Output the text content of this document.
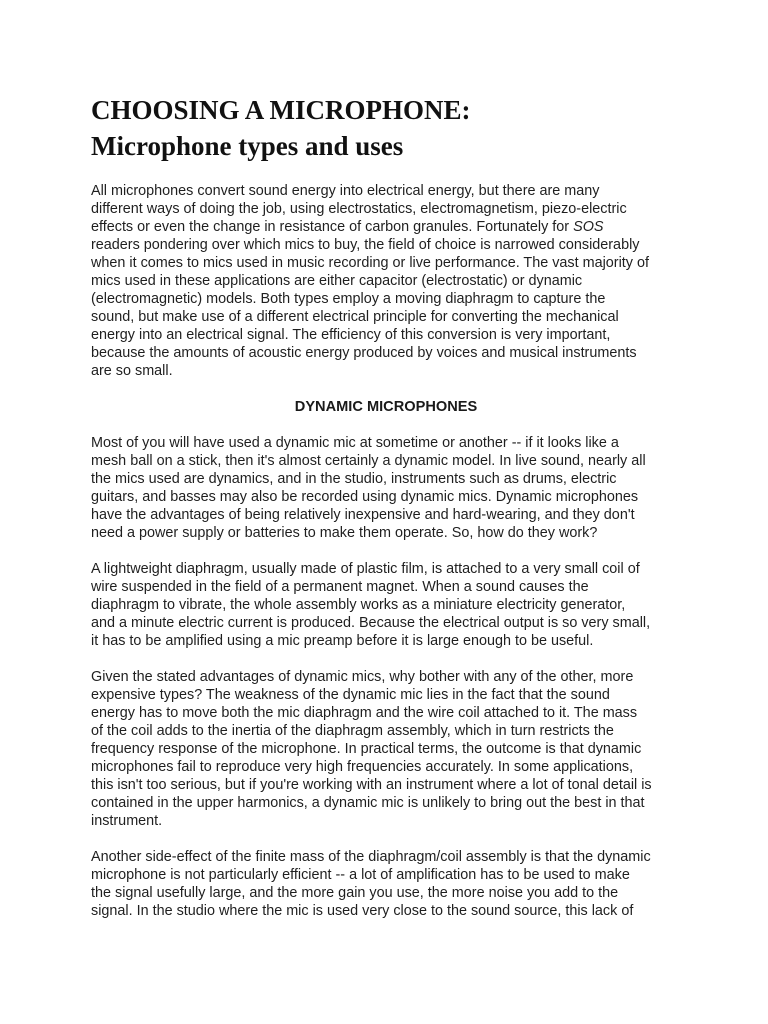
CHOOSING A MICROPHONE:
Microphone types and uses

All microphones convert sound energy into electrical energy, but there are many
different ways of doing the job, using electrostatics, electromagnetism, piezo-electric
effects or even the change in resistance of carbon granules. Fortunately for SOS
readers pondering over which mics to buy, the field of choice is narrowed considerably
when it comes to mics used in music recording or live performance. The vast majority of
mics used in these applications are either capacitor (electrostatic) or dynamic
(electromagnetic) models. Both types employ a moving diaphragm to capture the
sound, but make use of a different electrical principle for converting the mechanical
energy into an electrical signal. The efficiency of this conversion is very important,
because the amounts of acoustic energy produced by voices and musical instruments
are so small.

DYNAMIC MICROPHONES

Most of you will have used a dynamic mic at sometime or another -- if it looks like a
mesh ball on a stick, then it's almost certainly a dynamic model. In live sound, nearly all
the mics used are dynamics, and in the studio, instruments such as drums, electric
guitars, and basses may also be recorded using dynamic mics. Dynamic microphones
have the advantages of being relatively inexpensive and hard-wearing, and they don't
need a power supply or batteries to make them operate. So, how do they work?

A lightweight diaphragm, usually made of plastic film, is attached to a very small coil of
wire suspended in the field of a permanent magnet. When a sound causes the
diaphragm to vibrate, the whole assembly works as a miniature electricity generator,
and a minute electric current is produced. Because the electrical output is so very small,
it has to be amplified using a mic preamp before it is large enough to be useful.

Given the stated advantages of dynamic mics, why bother with any of the other, more
expensive types? The weakness of the dynamic mic lies in the fact that the sound
energy has to move both the mic diaphragm and the wire coil attached to it. The mass
of the coil adds to the inertia of the diaphragm assembly, which in turn restricts the
frequency response of the microphone. In practical terms, the outcome is that dynamic
microphones fail to reproduce very high frequencies accurately. In some applications,
this isn't too serious, but if you're working with an instrument where a lot of tonal detail is
contained in the upper harmonics, a dynamic mic is unlikely to bring out the best in that
instrument.

Another side-effect of the finite mass of the diaphragm/coil assembly is that the dynamic
microphone is not particularly efficient -- a lot of amplification has to be used to make
the signal usefully large, and the more gain you use, the more noise you add to the
signal. In the studio where the mic is used very close to the sound source, this lack of
